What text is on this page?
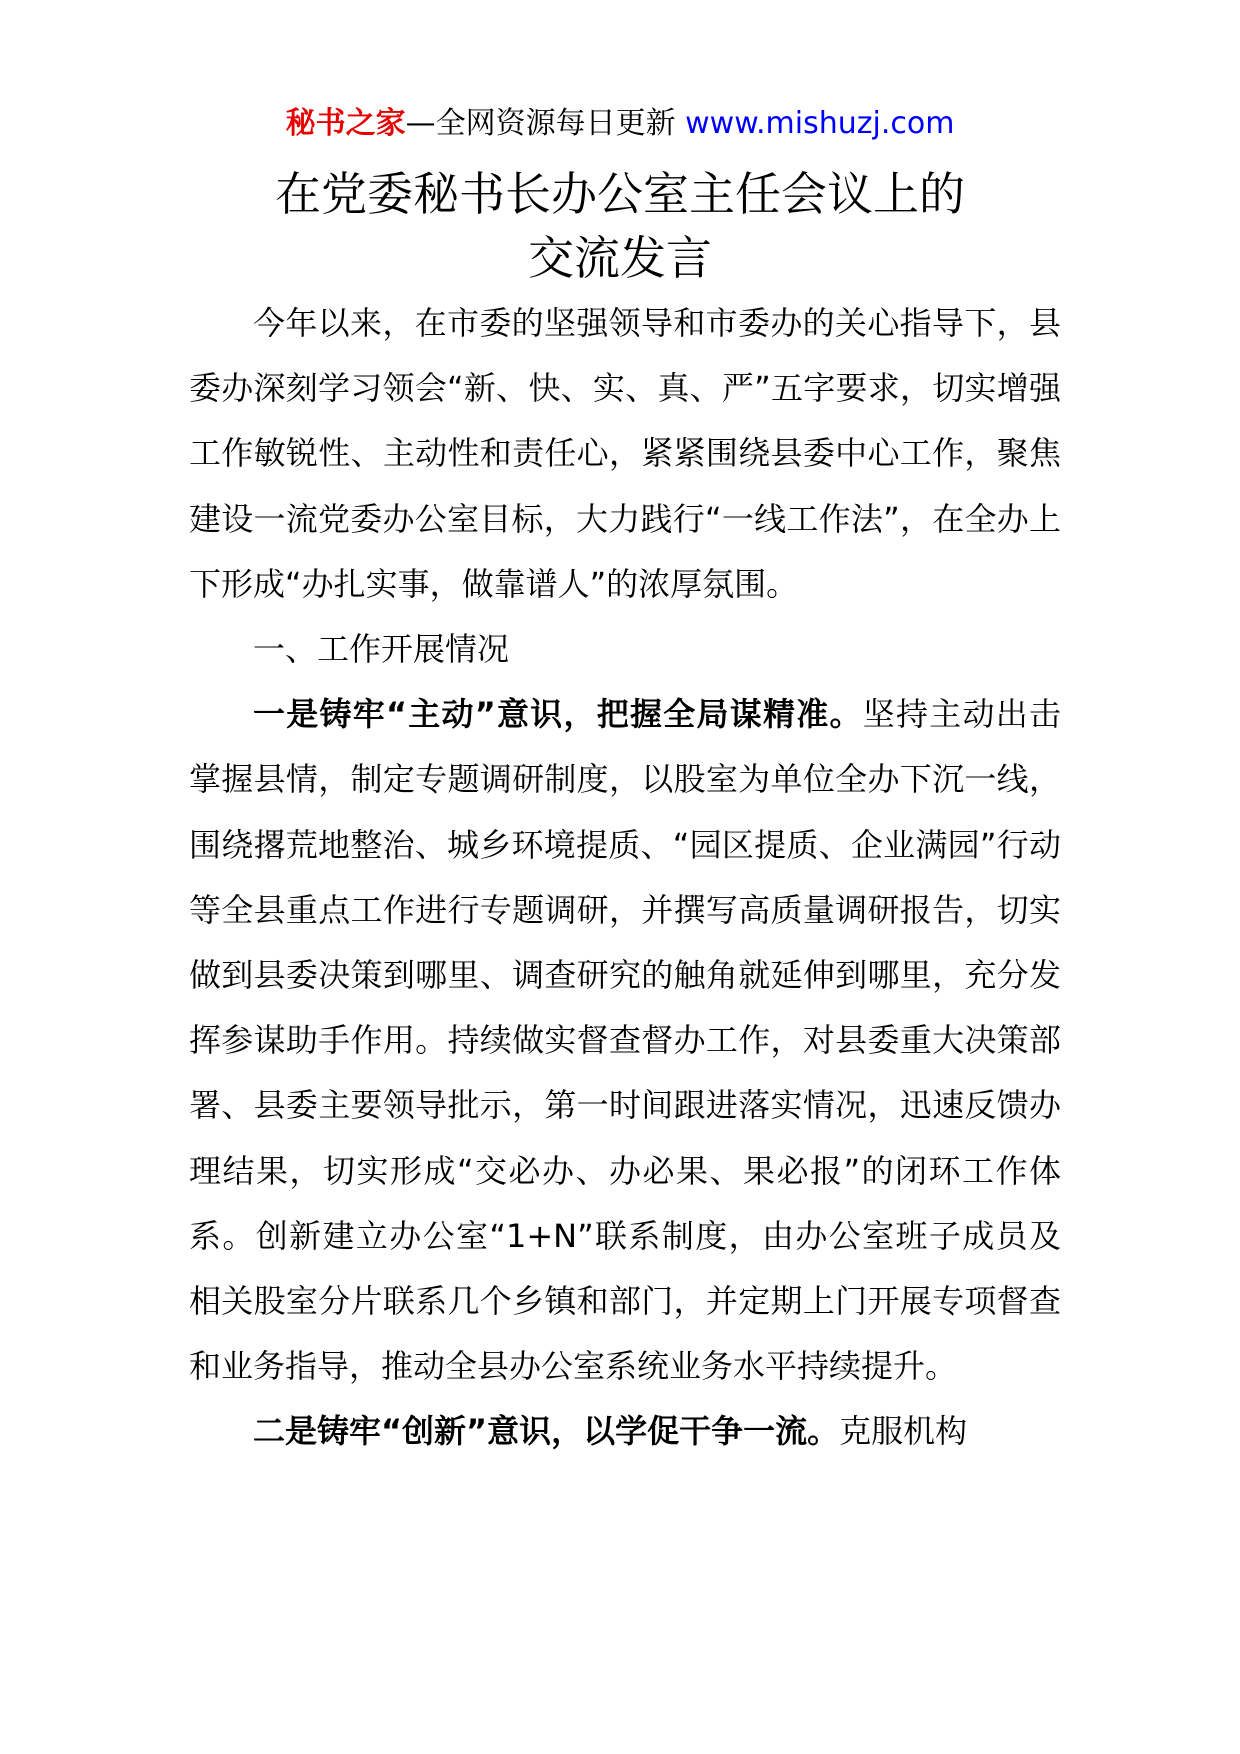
秘书之家—全网资源每日更新 www.mishuzj.com
在党委秘书长办公室主任会议上的
交流发言

今年以来，在市委的坚强领导和市委办的关心指导下，县委办深刻学习领会“新、快、实、真、严”五字要求，切实增强工作敏锐性、主动性和责任心，紧紧围绕县委中心工作，聚焦建设一流党委办公室目标，大力践行“一线工作法”，在全办上下形成“办扎实事，做靠谱人”的浓厚氛围。

一、工作开展情况

一是铸牢“主动”意识，把握全局谋精准。坚持主动出击掌握县情，制定专题调研制度，以股室为单位全办下沉一线，围绕撂荒地整治、城乡环境提质、“园区提质、企业满园”行动等全县重点工作进行专题调研，并撰写高质量调研报告，切实做到县委决策到哪里、调查研究的触角就延伸到哪里，充分发挥参谋助手作用。持续做实督查督办工作，对县委重大决策部署、县委主要领导批示，第一时间跟进落实情况，迅速反馈办理结果，切实形成“交必办、办必果、果必报”的闭环工作体系。创新建立办公室“1+N”联系制度，由办公室班子成员及相关股室分片联系几个乡镇和部门，并定期上门开展专项督查和业务指导，推动全县办公室系统业务水平持续提升。

二是铸牢“创新”意识，以学促干争一流。克服机构
